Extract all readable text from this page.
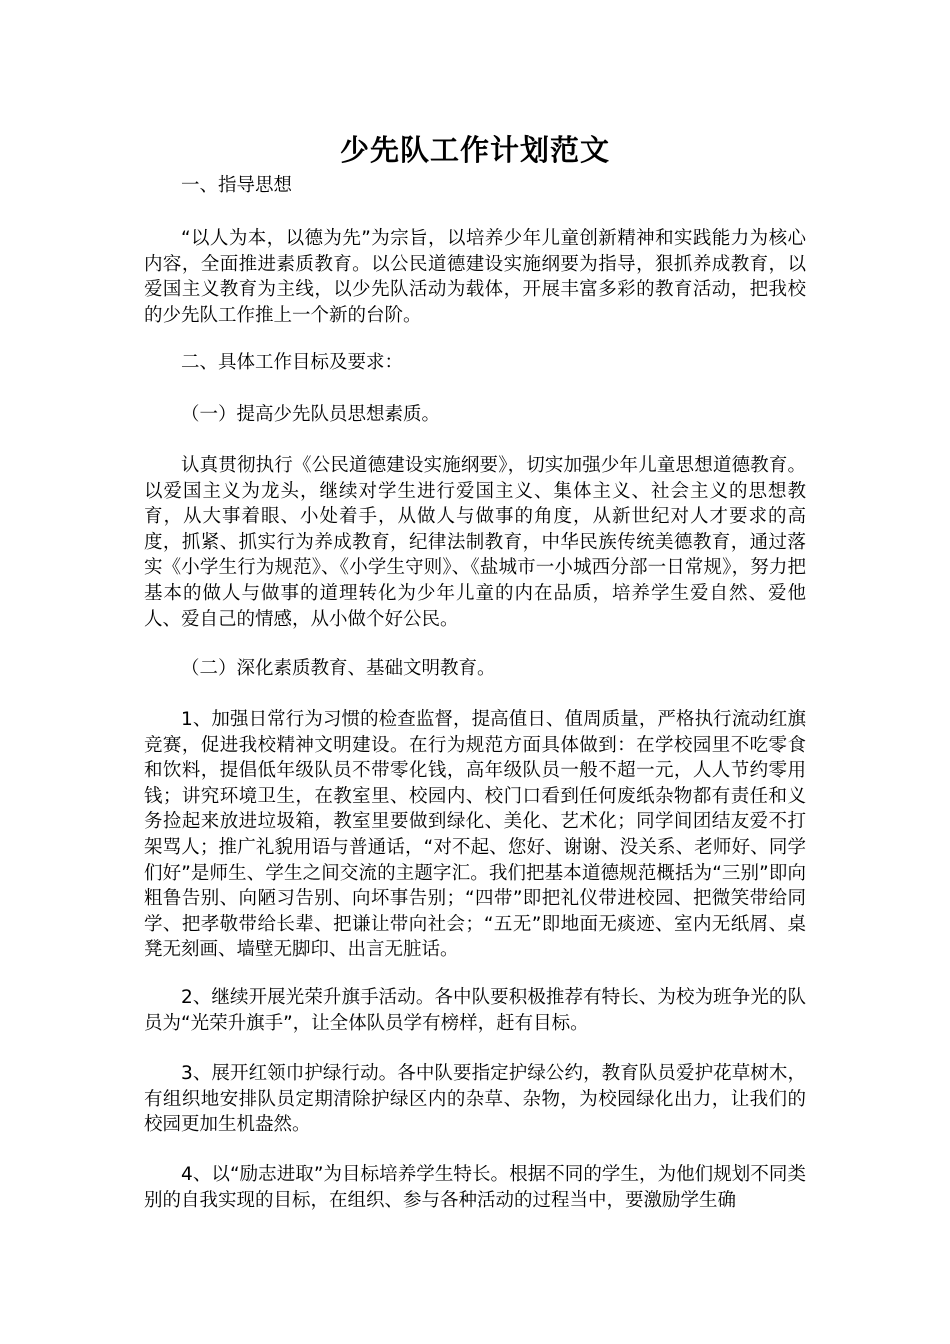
少先队工作计划范文
一、指导思想
“以人为本，以德为先”为宗旨，以培养少年儿童创新精神和实践能力为核心内容，全面推进素质教育。以公民道德建设实施纲要为指导，狠抓养成教育，以爱国主义教育为主线，以少先队活动为载体，开展丰富多彩的教育活动，把我校的少先队工作推上一个新的台阶。
二、具体工作目标及要求：
（一）提高少先队员思想素质。
认真贯彻执行《公民道德建设实施纲要》，切实加强少年儿童思想道德教育。以爱国主义为龙头，继续对学生进行爱国主义、集体主义、社会主义的思想教育，从大事着眼、小处着手，从做人与做事的角度，从新世纪对人才要求的高度，抓紧、抓实行为养成教育，纪律法制教育，中华民族传统美德教育，通过落实《小学生行为规范》、《小学生守则》、《盐城市一小城西分部一日常规》，努力把基本的做人与做事的道理转化为少年儿童的内在品质，培养学生爱自然、爱他人、爱自己的情感，从小做个好公民。
（二）深化素质教育、基础文明教育。
1、加强日常行为习惯的检查监督，提高值日、值周质量，严格执行流动红旗竞赛，促进我校精神文明建设。在行为规范方面具体做到：在学校园里不吃零食和饮料，提倡低年级队员不带零化钱，高年级队员一般不超一元，人人节约零用钱；讲究环境卫生，在教室里、校园内、校门口看到任何废纸杂物都有责任和义务捡起来放进垃圾箱，教室里要做到绿化、美化、艺术化；同学间团结友爱不打架骂人；推广礼貌用语与普通话，“对不起、您好、谢谢、没关系、老师好、同学们好”是师生、学生之间交流的主题字汇。我们把基本道德规范概括为“三别”即向粗鲁告别、向陋习告别、向坏事告别；“四带”即把礼仪带进校园、把微笑带给同学、把孝敬带给长辈、把谦让带向社会；“五无”即地面无痰迹、室内无纸屑、桌凳无刻画、墙壁无脚印、出言无脏话。
2、继续开展光荣升旗手活动。各中队要积极推荐有特长、为校为班争光的队员为“光荣升旗手”，让全体队员学有榜样，赶有目标。
3、展开红领巾护绿行动。各中队要指定护绿公约，教育队员爱护花草树木，有组织地安排队员定期清除护绿区内的杂草、杂物，为校园绿化出力，让我们的校园更加生机盎然。
4、以“励志进取”为目标培养学生特长。根据不同的学生，为他们规划不同类别的自我实现的目标，在组织、参与各种活动的过程当中，要激励学生确
